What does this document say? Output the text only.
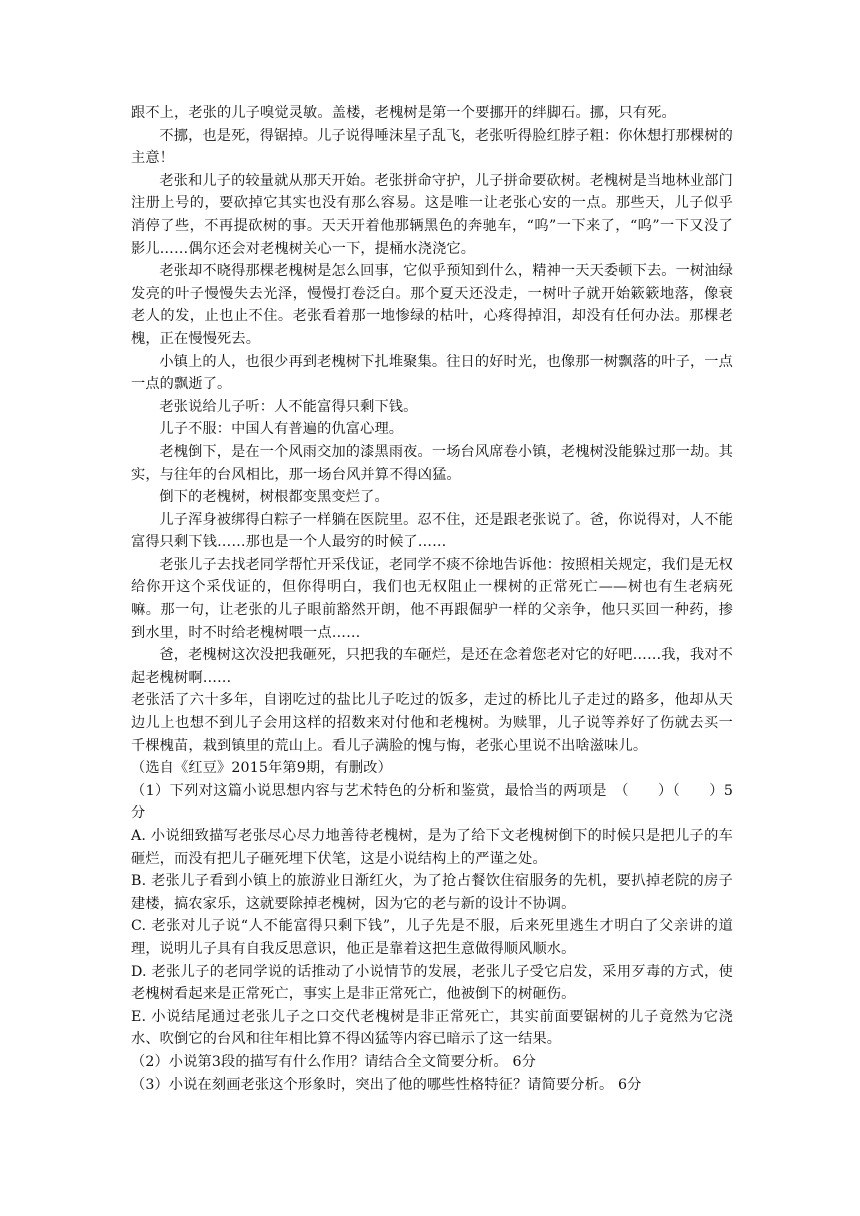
跟不上，老张的儿子嗅觉灵敏。盖楼，老槐树是第一个要挪开的绊脚石。挪，只有死。

不挪，也是死，得锯掉。儿子说得唾沫星子乱飞，老张听得脸红脖子粗：你休想打那棵树的主意！

老张和儿子的较量就从那天开始。老张拼命守护，儿子拼命要砍树。老槐树是当地林业部门注册上号的，要砍掉它其实也没有那么容易。这是唯一让老张心安的一点。那些天，儿子似乎消停了些，不再提砍树的事。天天开着他那辆黑色的奔驰车，“呜”一下来了，“呜”一下又没了影儿……偶尔还会对老槐树关心一下，提桶水浇浇它。

老张却不晓得那棵老槐树是怎么回事，它似乎预知到什么，精神一天天委顿下去。一树油绿发亮的叶子慢慢失去光泽，慢慢打卷泛白。那个夏天还没走，一树叶子就开始簌簌地落，像衰老人的发，止也止不住。老张看着那一地惨绿的枯叶，心疼得掉泪，却没有任何办法。那棵老槐，正在慢慢死去。

小镇上的人，也很少再到老槐树下扎堆聚集。往日的好时光，也像那一树飘落的叶子，一点一点的飘逝了。

老张说给儿子听：人不能富得只剩下钱。

儿子不服：中国人有普遍的仇富心理。

老槐倒下，是在一个风雨交加的漆黑雨夜。一场台风席卷小镇，老槐树没能躲过那一劫。其实，与往年的台风相比，那一场台风并算不得凶猛。

倒下的老槐树，树根都变黑变烂了。

儿子浑身被绑得白粽子一样躺在医院里。忍不住，还是跟老张说了。爸，你说得对，人不能富得只剩下钱……那也是一个人最穷的时候了……

老张儿子去找老同学帮忙开采伐证，老同学不痰不徐地告诉他：按照相关规定，我们是无权给你开这个采伐证的，但你得明白，我们也无权阻止一棵树的正常死亡——树也有生老病死嘛。那一句，让老张的儿子眼前豁然开朗，他不再跟倔驴一样的父亲争，他只买回一种药，掺到水里，时不时给老槐树喂一点……

爸，老槐树这次没把我砸死，只把我的车砸烂，是还在念着您老对它的好吧……我，我对不起老槐树啊……

老张活了六十多年，自诩吃过的盐比儿子吃过的饭多，走过的桥比儿子走过的路多，他却从天边儿上也想不到儿子会用这样的招数来对付他和老槐树。为赎罪，儿子说等养好了伤就去买一千棵槐苗，栽到镇里的荒山上。看儿子满脸的愧与悔，老张心里说不出啥滋味儿。

（选自《红豆》2015年第9期，有删改）

（1）下列对这篇小说思想内容与艺术特色的分析和鉴赏，最恰当的两项是　（　　）（　　）5分

A. 小说细致描写老张尽心尽力地善待老槐树，是为了给下文老槐树倒下的时候只是把儿子的车砸烂，而没有把儿子砸死埋下伏笔，这是小说结构上的严谨之处。

B. 老张儿子看到小镇上的旅游业日渐红火，为了抢占餐饮住宿服务的先机，要扒掉老院的房子建楼，搞农家乐，这就要除掉老槐树，因为它的老与新的设计不协调。

C. 老张对儿子说“人不能富得只剩下钱”，儿子先是不服，后来死里逃生才明白了父亲讲的道理，说明儿子具有自我反思意识，他正是靠着这把生意做得顺风顺水。

D. 老张儿子的老同学说的话推动了小说情节的发展，老张儿子受它启发，采用歹毒的方式，使老槐树看起来是正常死亡，事实上是非正常死亡，他被倒下的树砸伤。

E. 小说结尾通过老张儿子之口交代老槐树是非正常死亡，其实前面要锯树的儿子竟然为它浇水、吹倒它的台风和往年相比算不得凶猛等内容已暗示了这一结果。

（2）小说第3段的描写有什么作用？请结合全文简要分析。 6分

（3）小说在刻画老张这个形象时，突出了他的哪些性格特征？请简要分析。 6分
